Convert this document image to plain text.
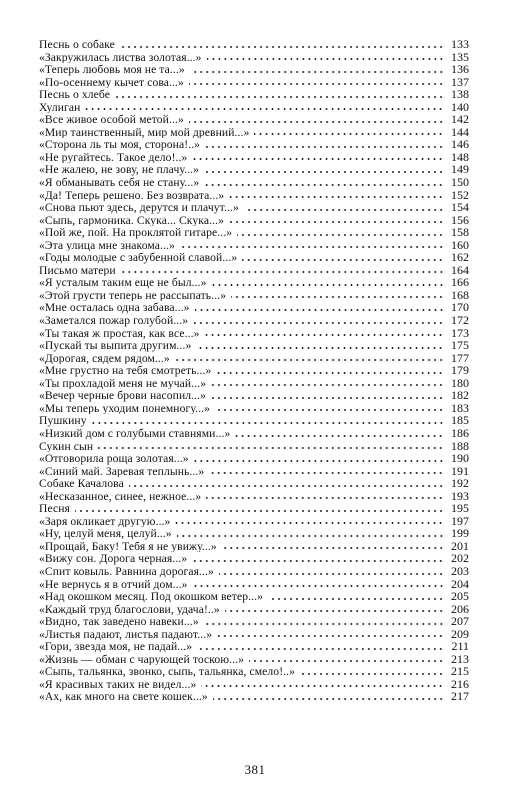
Песнь о собаке	133
«Закружилась листва золотая...»	135
«Теперь любовь моя не та...»	136
«По-осеннему кычет сова...»	137
Песнь о хлебе	138
Хулиган	140
«Все живое особой метой...»	142
«Мир таинственный, мир мой древний...»	144
«Сторона ль ты моя, сторона!..»	146
«Не ругайтесь. Такое дело!..»	148
«Не жалею, не зову, не плачу...»	149
«Я обманывать себя не стану...»	150
«Да! Теперь решено. Без возврата...»	152
«Снова пьют здесь, дерутся и плачут...»	154
«Сыпь, гармоника. Скука... Скука...»	156
«Пой же, пой. На проклятой гитаре...»	158
«Эта улица мне знакома...»	160
«Годы молодые с забубенной славой...»	162
Письмо матери	164
«Я усталым таким еще не был...»	166
«Этой грусти теперь не рассыпать...»	168
«Мне осталась одна забава...»	170
«Заметался пожар голубой...»	172
«Ты такая ж простая, как все...»	173
«Пускай ты выпита другим...»	175
«Дорогая, сядем рядом...»	177
«Мне грустно на тебя смотреть...»	179
«Ты прохладой меня не мучай...»	180
«Вечер черные брови насопил...»	182
«Мы теперь уходим понемногу...»	183
Пушкину	185
«Низкий дом с голубыми ставнями...»	186
Сукин сын	188
«Отговорила роща золотая...»	190
«Синий май. Заревая теплынь...»	191
Собаке Качалова	192
«Несказанное, синее, нежное...»	193
Песня	195
«Заря окликает другую...»	197
«Ну, целуй меня, целуй...»	199
«Прощай, Баку! Тебя я не увижу...»	201
«Вижу сон. Дорога черная...»	202
«Спит ковыль. Равнина дорогая...»	203
«Не вернусь я в отчий дом...»	204
«Над окошком месяц. Под окошком ветер...»	205
«Каждый труд благослови, удача!..»	206
«Видно, так заведено навеки...»	207
«Листья падают, листья падают...»	209
«Гори, звезда моя, не падай...»	211
«Жизнь — обман с чарующей тоскою...»	213
«Сыпь, тальянка, звонко, сыпь, тальянка, смело!..»	215
«Я красивых таких не видел...»	216
«Ах, как много на свете кошек...»	217
381
